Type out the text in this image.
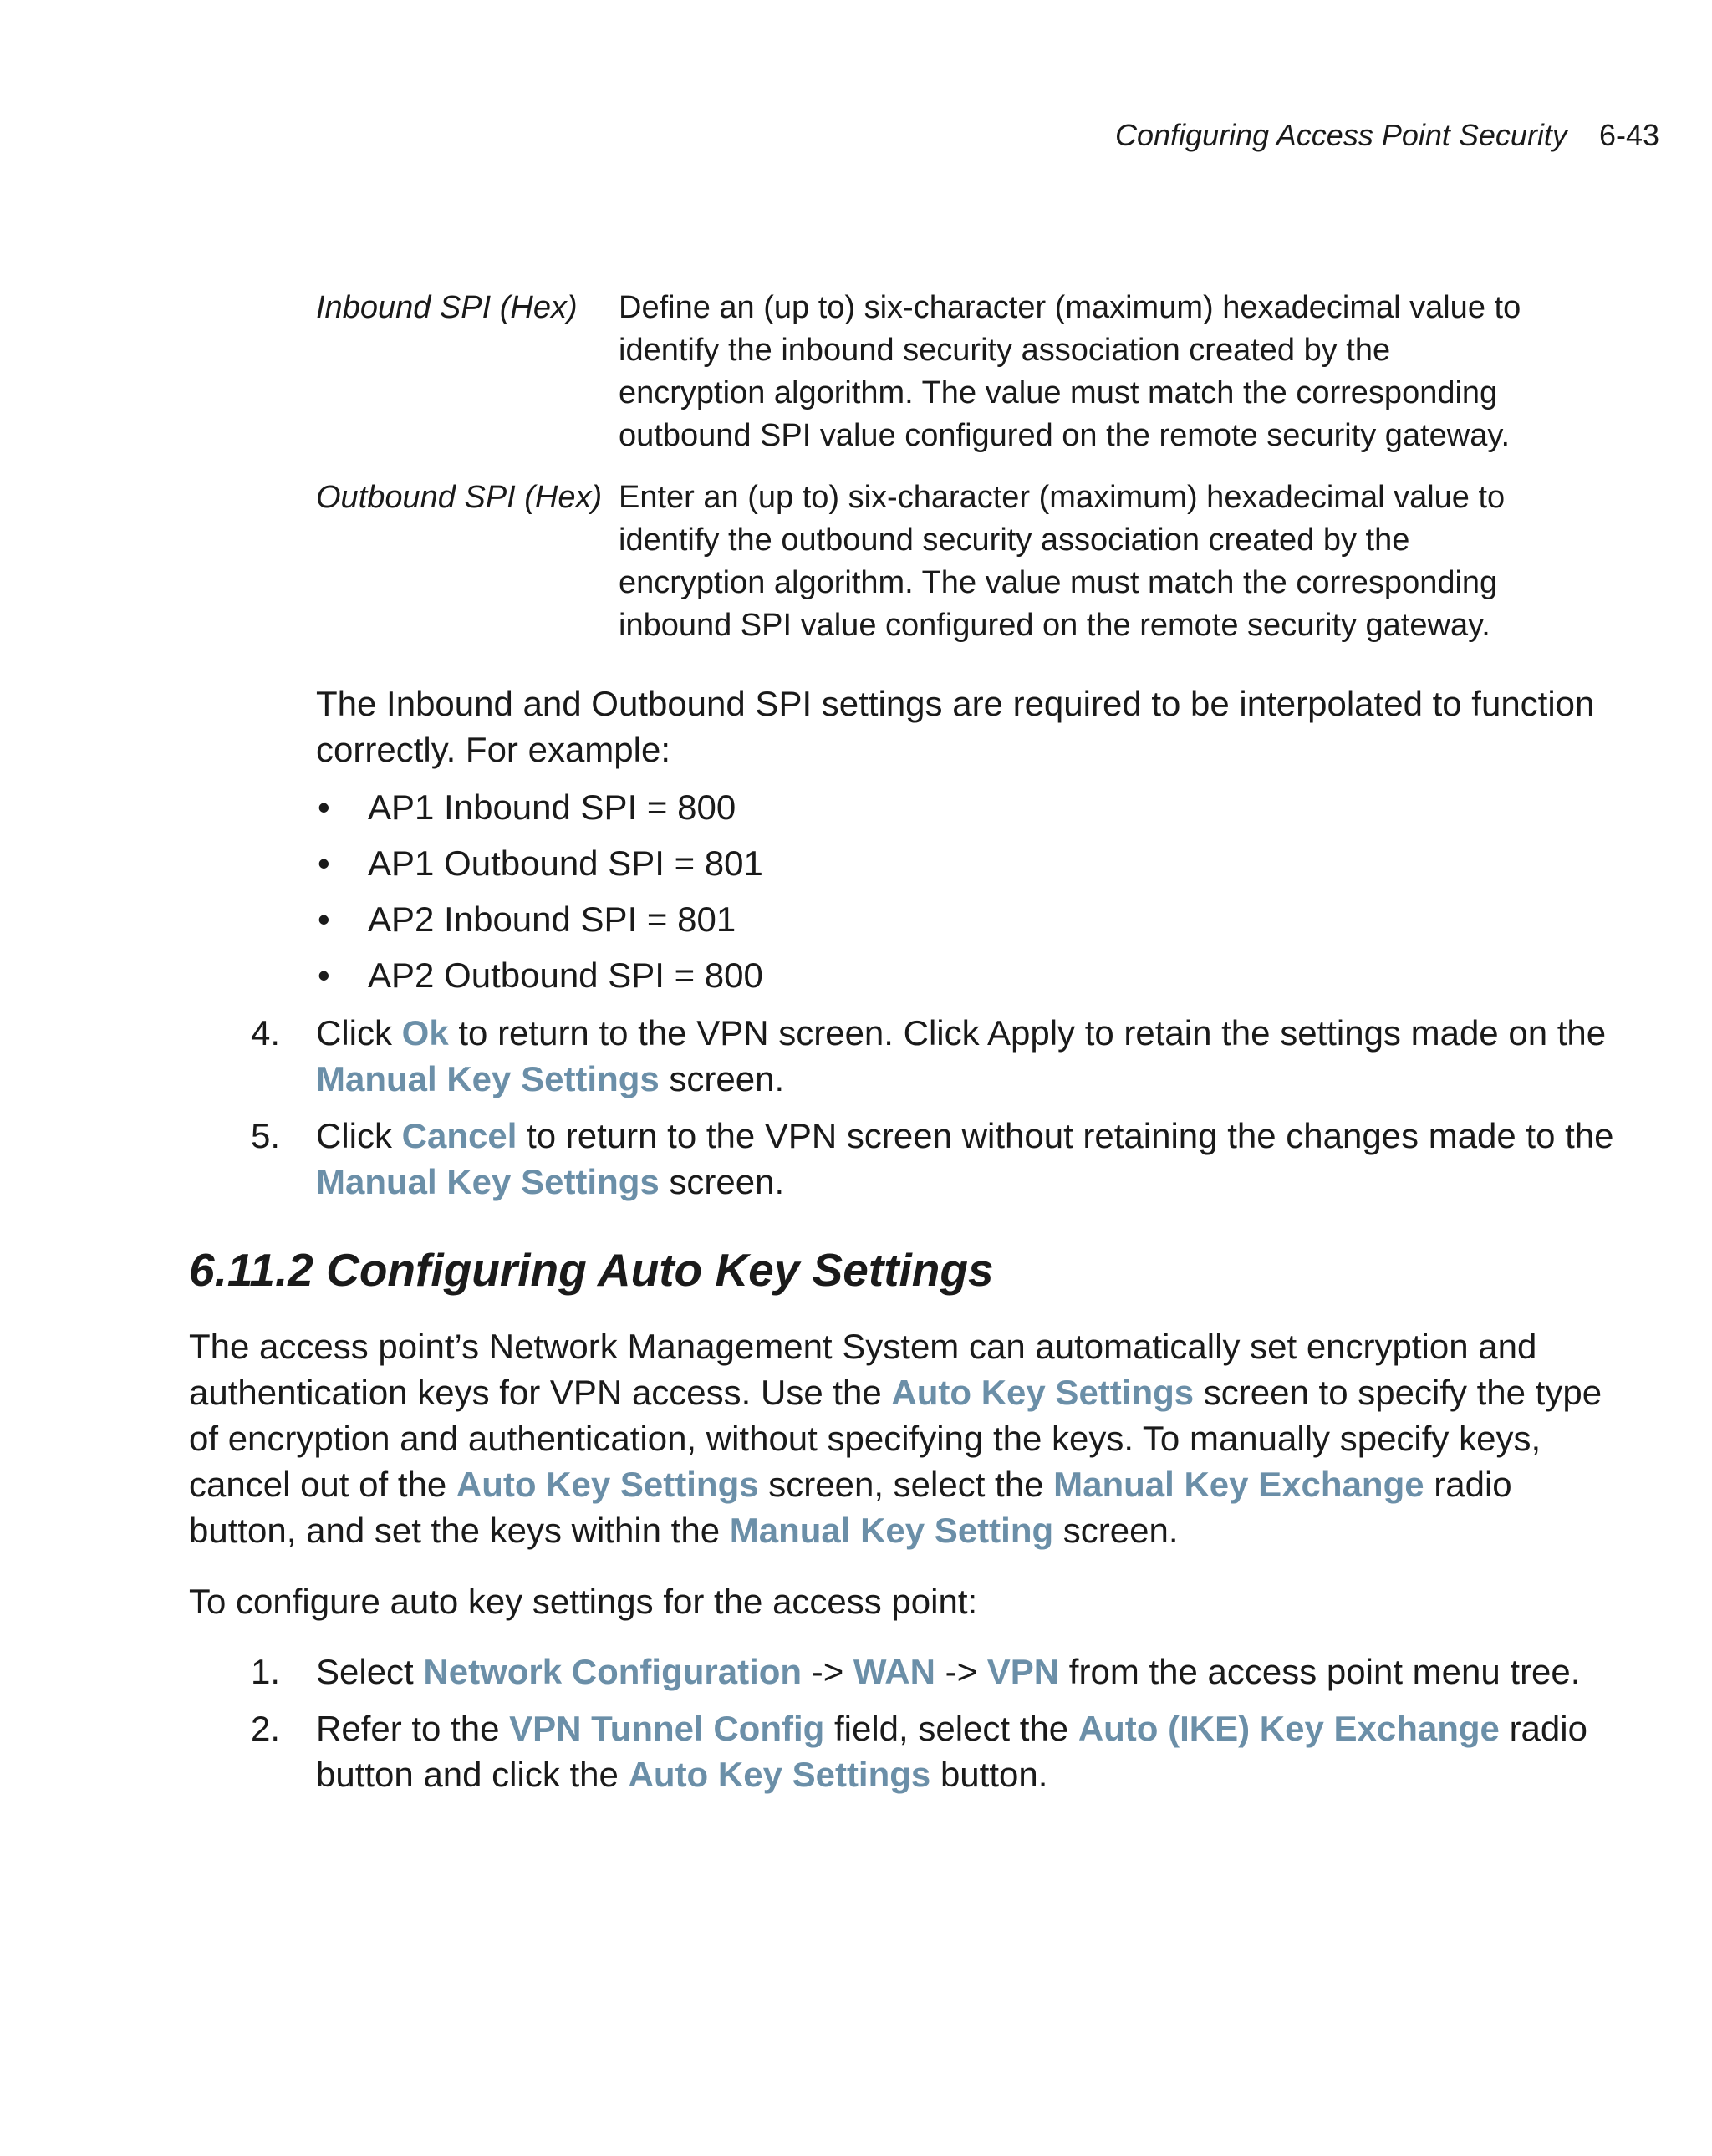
Configuring Access Point Security 6-43
Inbound SPI (Hex)	Define an (up to) six-character (maximum) hexadecimal value to identify the inbound security association created by the encryption algorithm. The value must match the corresponding outbound SPI value configured on the remote security gateway.
Outbound SPI (Hex) Enter an (up to) six-character (maximum) hexadecimal value to identify the outbound security association created by the encryption algorithm. The value must match the corresponding inbound SPI value configured on the remote security gateway.
The Inbound and Outbound SPI settings are required to be interpolated to function correctly. For example:
• AP1 Inbound SPI = 800
• AP1 Outbound SPI = 801
• AP2 Inbound SPI = 801
• AP2 Outbound SPI = 800
4.	Click Ok to return to the VPN screen. Click Apply to retain the settings made on the Manual Key Settings screen.
5.	Click Cancel to return to the VPN screen without retaining the changes made to the Manual Key Settings screen.
6.11.2 Configuring Auto Key Settings
The access point’s Network Management System can automatically set encryption and authentication keys for VPN access. Use the Auto Key Settings screen to specify the type of encryption and authentication, without specifying the keys. To manually specify keys, cancel out of the Auto Key Settings screen, select the Manual Key Exchange radio button, and set the keys within the Manual Key Setting screen.
To configure auto key settings for the access point:
1.	Select Network Configuration -> WAN -> VPN from the access point menu tree.
2.	Refer to the VPN Tunnel Config field, select the Auto (IKE) Key Exchange radio button and click the Auto Key Settings button.
